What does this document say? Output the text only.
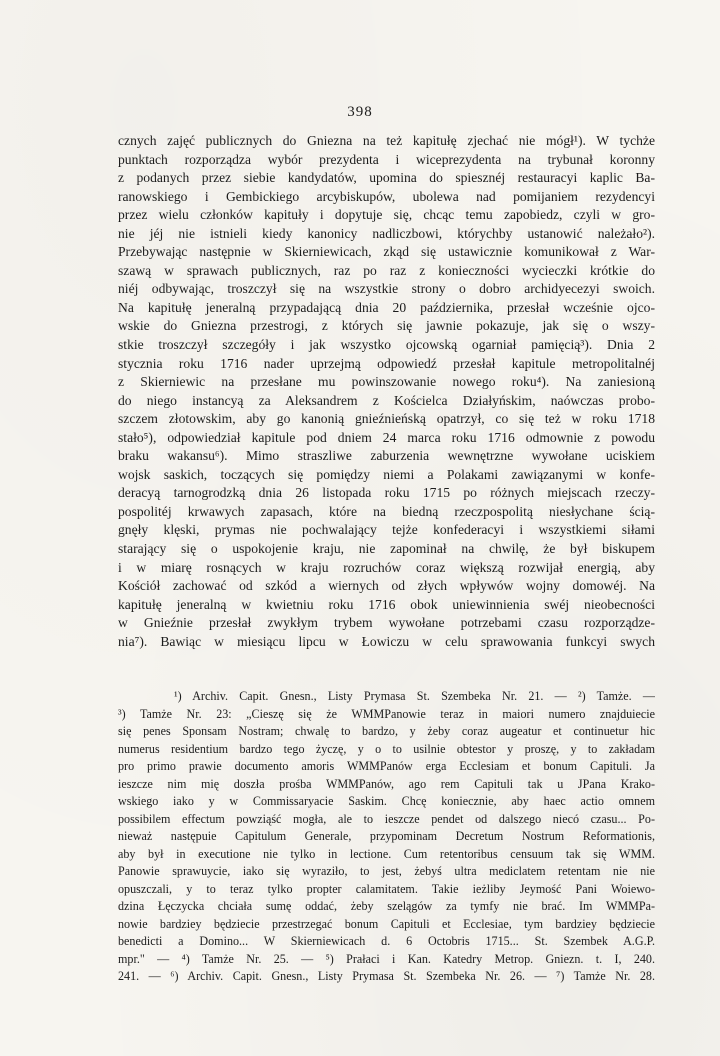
398
cznych zajęć publicznych do Gniezna na też kapitułę zjechać nie mógł¹). W tychże
punktach rozporządza wybór prezydenta i wiceprezydenta na trybunał koronny
z podanych przez siebie kandydatów, upomina do spiesznéj restauracyi kaplic Ba-
ranowskiego i Gembickiego arcybiskupów, ubolewa nad pomijaniem rezydencyi
przez wielu członków kapituły i dopytuje się, chcąc temu zapobiedz, czyli w gro-
nie jéj nie istnieli kiedy kanonicy nadliczbowi, którychby ustanowić należało²).
Przebywając następnie w Skierniewicach, zkąd się ustawicznie komunikował z War-
szawą w sprawach publicznych, raz po raz z konieczności wycieczki krótkie do
niéj odbywając, troszczył się na wszystkie strony o dobro archidyecezyi swoich.
Na kapitułę jeneralną przypadającą dnia 20 października, przesłał wcześnie ojco-
wskie do Gniezna przestrogi, z których się jawnie pokazuje, jak się o wszy-
stkie troszczył szczegóły i jak wszystko ojcowską ogarniał pamięcią³). Dnia 2
stycznia roku 1716 nader uprzejmą odpowiedź przesłał kapitule metropolitalnéj
z Skierniewic na przesłane mu powinszowanie nowego roku⁴). Na zaniesioną
do niego instancyą za Aleksandrem z Kościelca Działyńskim, naówczas probo-
szczem złotowskim, aby go kanonią gnieźnieńską opatrzył, co się też w roku 1718
stało⁵), odpowiedział kapitule pod dniem 24 marca roku 1716 odmownie z powodu
braku wakansu⁶). Mimo straszliwe zaburzenia wewnętrzne wywołane uciskiem
wojsk saskich, toczących się pomiędzy niemi a Polakami zawiązanymi w konfe-
deracyą tarnogrodzką dnia 26 listopada roku 1715 po różnych miejscach rzeczy-
pospolitéj krwawych zapasach, które na biedną rzeczpospolitą niesłychane ścią-
gnęły klęski, prymas nie pochwalający tejże konfederacyi i wszystkiemi siłami
starający się o uspokojenie kraju, nie zapominał na chwilę, że był biskupem
i w miarę rosnących w kraju rozruchów coraz większą rozwijał energią, aby
Kościół zachować od szkód a wiernych od złych wpływów wojny domowéj. Na
kapitułę jeneralną w kwietniu roku 1716 obok uniewinnienia swéj nieobecności
w Gnieźnie przesłał zwykłym trybem wywołane potrzebami czasu rozporządze-
nia⁷). Bawiąc w miesiącu lipcu w Łowiczu w celu sprawowania funkcyi swych
¹) Archiv. Capit. Gnesn., Listy Prymasa St. Szembeka Nr. 21. — ²) Tamże. —
³) Tamże Nr. 23: „Cieszę się że WMMPanowie teraz in maiori numero znajduiecie
się penes Sponsam Nostram; chwalę to bardzo, y żeby coraz augeatur et continuetur hic
numerus residentium bardzo tego życzę, y o to usilnie obtestor y proszę, y to zakładam
pro primo prawie documento amoris WMMPanów erga Ecclesiam et bonum Capituli. Ja
ieszcze nim mię doszła prośba WMMPanów, ago rem Capituli tak u JPana Krako-
wskiego iako y w Commissaryacie Saskim. Chcę koniecznie, aby haec actio omnem
possibilem effectum powziąść mogła, ale to ieszcze pendet od dalszego niecó czasu... Po-
nieważ następuie Capitulum Generale, przypominam Decretum Nostrum Reformationis,
aby był in executione nie tylko in lectione. Cum retentoribus censuum tak się WMM.
Panowie sprawuycie, iako się wyraziło, to jest, żebyś ultra mediclatem retentam nie nie
opuszczali, y to teraz tylko propter calamitatem. Takie ieżliby Jeymość Pani Woiewo-
dzina Łęczycka chciała sumę oddać, żeby szelągów za tymfy nie brać. Im WMMPa-
nowie bardziey będziecie przestrzegać bonum Capituli et Ecclesiae, tym bardziey będziecie
benedicti a Domino... W Skierniewicach d. 6 Octobris 1715... St. Szembek A.G.P.
mpr." — ⁴) Tamże Nr. 25. — ⁵) Prałaci i Kan. Katedry Metrop. Gniezn. t. I, 240.
241. — ⁶) Archiv. Capit. Gnesn., Listy Prymasa St. Szembeka Nr. 26. — ⁷) Tamże Nr. 28.
